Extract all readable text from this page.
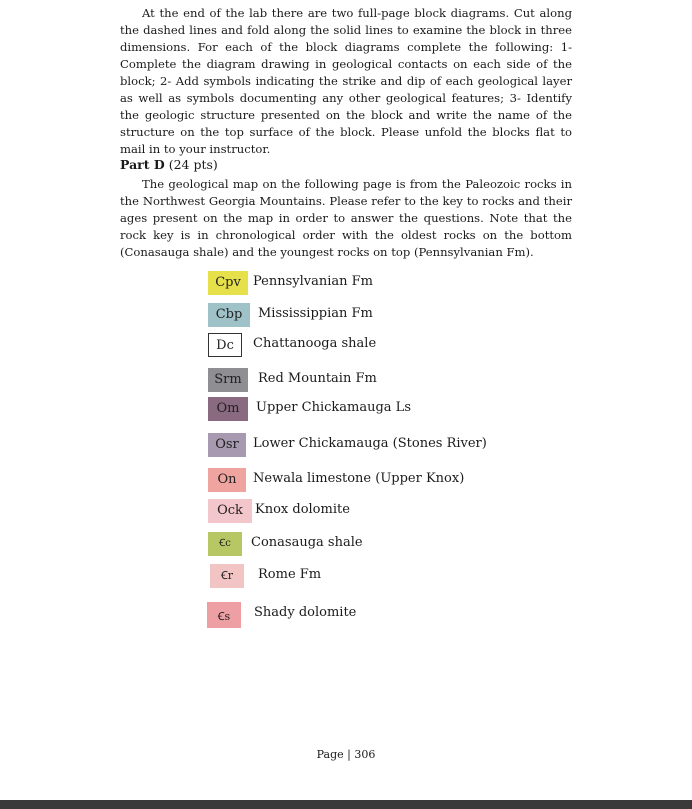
At the end of the lab there are two full-page block diagrams. Cut along the dashed lines and fold along the solid lines to examine the block in three dimensions. For each of the block diagrams complete the following: 1- Complete the diagram drawing in geological contacts on each side of the block; 2- Add symbols indicating the strike and dip of each geological layer as well as symbols documenting any other geological features; 3- Identify the geologic structure presented on the block and write the name of the structure on the top surface of the block. Please unfold the blocks flat to mail in to your instructor.

Part D (24 pts)

The geological map on the following page is from the Paleozoic rocks in the Northwest Georgia Mountains. Please refer to the key to rocks and their ages present on the map in order to answer the questions. Note that the rock key is in chronological order with the oldest rocks on the bottom (Conasauga shale) and the youngest rocks on top (Pennsylvanian Fm).

Cpv Pennsylvanian Fm
Cbp	Mississippian Fm
Dc	Chattanooga shale
Srm	Red Mountain Fm
Om	Upper Chickamauga Ls
Osr	Lower Chickamauga (Stones River)
On	Newala limestone (Upper Knox)
Ock Knox dolomite
Ꞓc	Conasauga shale
Ꞓr	Rome Fm
Ꞓs	Shady dolomite
Page | 306
